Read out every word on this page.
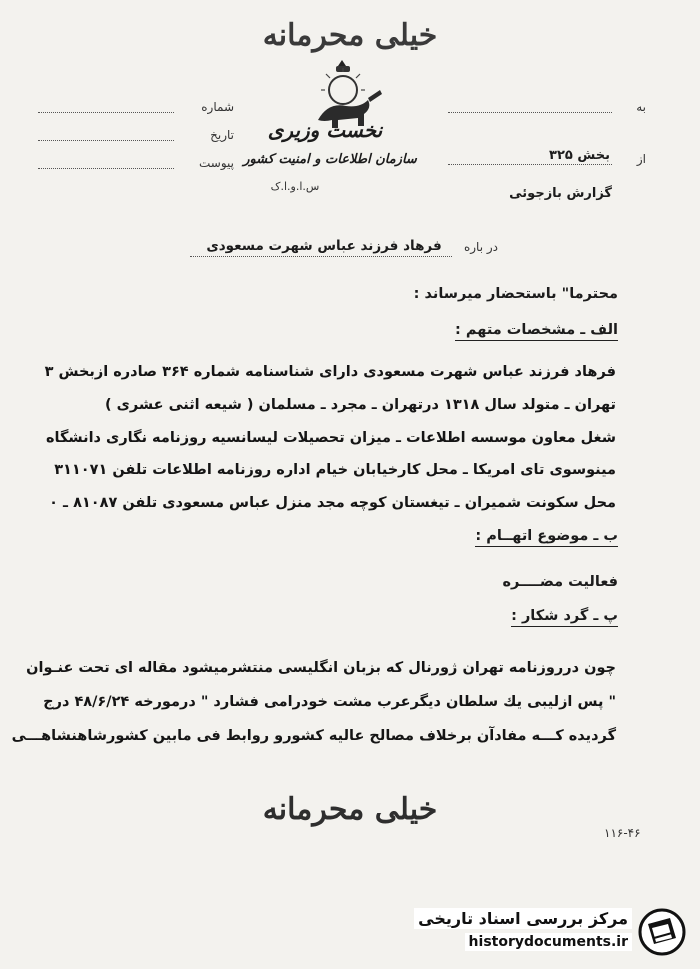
خیلی محرمانه
شماره
تاریخ
پیوست
نخست وزیری
سازمان اطلاعات و امنیت کشور
س.ا.و.ا.ک
به
از
بخش ۳۲۵
گزارش بازجوئی
در باره
فرهاد فرزند عباس شهرت مسعودی
محترما" باستحضار میرساند :
الف ـ مشخصات متهم :
فرهاد فرزند عباس شهرت مسعودی دارای شناسنامه شماره ۳۶۴ صادره ازبخش ۳
تهران ـ متولد سال ۱۳۱۸ درتهران ـ مجرد ـ مسلمان ( شیعه اثنی عشری )
شغل معاون موسسه اطلاعات ـ میزان تحصیلات لیسانسیه روزنامه نگاری دانشگاه
مینوسوی تای امریکا ـ محل کارخیابان خیام اداره روزنامه اطلاعات تلفن ۳۱۱۰۷۱
محل سکونت شمیران ـ تیغستان کوچه مجد منزل عباس مسعودی تلفن ۸۱۰۸۷ ـ ۰
ب ـ موضوع اتهــام :
فعالیت مضــــره
پ ـ گرد شکار :
چون درروزنامه تهران ژورنال که بزبان انگلیسی منتشرمیشود مقاله ای تحت عنـوان
" پس ازلیبی یك سلطان دیگرعرب مشت خودرامی فشارد " درمورخه ۴۸/۶/۲۴ درج
گردیده کـــه مفادآن برخلاف مصالح عالیه کشورو روابط فی مابین کشورشاهنشاهـــی
خیلی محرمانه
۱۱۶-۴۶
مرکز بررسی اسناد تاریخی
historydocuments.ir
